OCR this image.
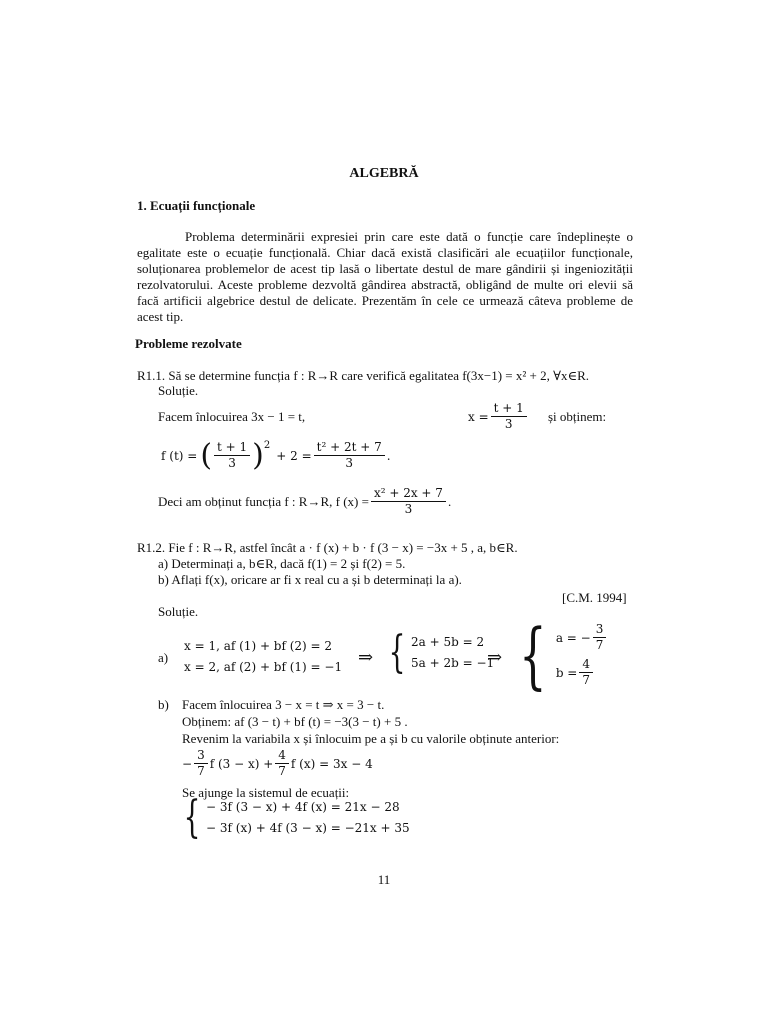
ALGEBRĂ
1. Ecuații funcționale

Problema determinării expresiei prin care este dată o funcție care îndeplinește o egalitate este o ecuație funcțională. Chiar dacă există clasificări ale ecuațiilor funcționale, soluționarea problemelor de acest tip lasă o libertate destul de mare gândirii și ingeniozității rezolvatorului. Aceste probleme dezvoltă gândirea abstractă, obligând de multe ori elevii să facă artificii algebrice destul de delicate. Prezentăm în cele ce urmează câteva probleme de acest tip.

Probleme rezolvate
R1.1. Să se determine funcția f : R→R care verifică egalitatea f(3x−1) = x² + 2, ∀x∈R.
Soluție.
Facem înlocuirea 3x − 1 = t,	$x = \frac{t + 1}{3}$ și obținem:
f (t) = ( $\frac{t + 1}{3} )^2$
+ $2 = \frac{\text{t² + 2t + 7}}{3}$ .
Deci am obținut funcția f : R→R, f $(x) = \frac{\text{x² + 2x + 7}}{3}$ .
R1.2. Fie f : R→R, astfel încât a · f (x) + b · f (3 − x) = −3x + 5 , a, b∈R.
a) Determinați a, b∈R, dacă f(1) = 2 și f(2) = 5.
b) Aflați f(x), oricare ar fi x real cu a și b determinați la a).
[C.M. 1994]
Soluție.
a)
x = 1, af (1) + bf (2) = 2
x = 2, af (2) + bf (1) = −1 ⇒ { 2a + 5b = 2
5a + 2b = −1
⇒ { a = − $\frac{3}{7}$
$b = \frac{4}{7}$
b) Facem înlocuirea 3 − x = t ⇒ x = 3 − t.
Obținem: af (3 − t) + bf (t) = −3(3 − t) + 5 .
Revenim la variabila x și înlocuim pe a și b cu valorile obținute anterior:
− $\frac{3}{7}$ f $(3 - x) + \frac{4}{7}$ f (x) = 3x − 4
Se ajunge la sistemul de ecuații:
{ − 3f (3 − x) + 4f (x) = 21x − 28
− 3f (x) + 4f (3 − x) = −21x + 35
11
